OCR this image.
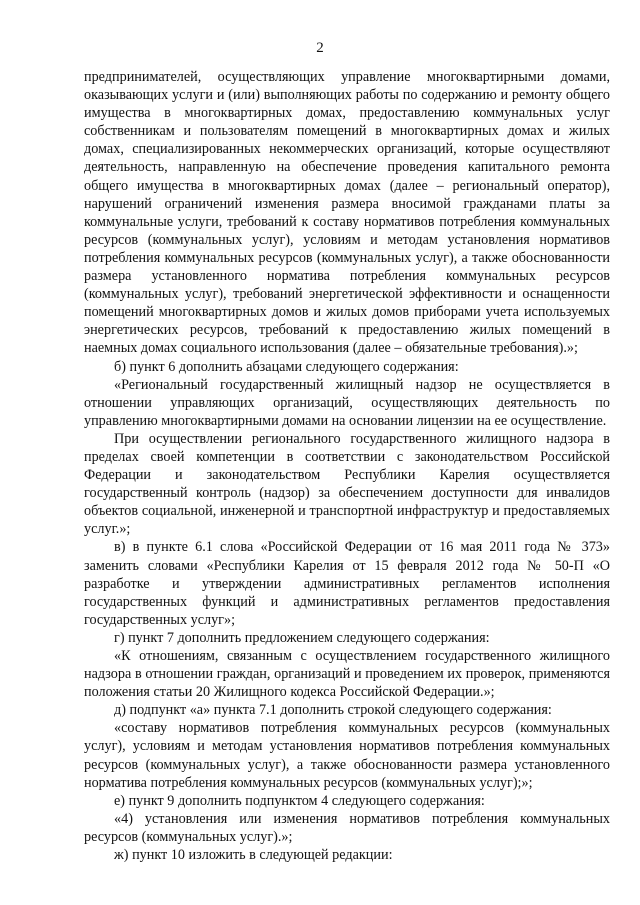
2

предпринимателей, осуществляющих управление многоквартирными домами, оказывающих услуги и (или) выполняющих работы по содержанию и ремонту общего имущества в многоквартирных домах, предоставлению коммунальных услуг собственникам и пользователям помещений в многоквартирных домах и жилых домах, специализированных некоммерческих организаций, которые осуществляют деятельность, направленную на обеспечение проведения капитального ремонта общего имущества в многоквартирных домах (далее – региональный оператор), нарушений ограничений изменения размера вносимой гражданами платы за коммунальные услуги, требований к составу нормативов потребления коммунальных ресурсов (коммунальных услуг), условиям и методам установления нормативов потребления коммунальных ресурсов (коммунальных услуг), а также обоснованности размера установленного норматива потребления коммунальных ресурсов (коммунальных услуг), требований энергетической эффективности и оснащенности помещений многоквартирных домов и жилых домов приборами учета используемых энергетических ресурсов, требований к предоставлению жилых помещений в наемных домах социального использования (далее – обязательные требования).»;

б) пункт 6 дополнить абзацами следующего содержания:

«Региональный государственный жилищный надзор не осуществляется в отношении управляющих организаций, осуществляющих деятельность по управлению многоквартирными домами на основании лицензии на ее осуществление.

При осуществлении регионального государственного жилищного надзора в пределах своей компетенции в соответствии с законодательством Российской Федерации и законодательством Республики Карелия осуществляется государственный контроль (надзор) за обеспечением доступности для инвалидов объектов социальной, инженерной и транспортной инфраструктур и предоставляемых услуг.»;

в) в пункте 6.1 слова «Российской Федерации от 16 мая 2011 года № 373» заменить словами «Республики Карелия от 15 февраля 2012 года № 50-П «О разработке и утверждении административных регламентов исполнения государственных функций и административных регламентов предоставления государственных услуг»;

г) пункт 7 дополнить предложением следующего содержания:

«К отношениям, связанным с осуществлением государственного жилищного надзора в отношении граждан, организаций и проведением их проверок, применяются положения статьи 20 Жилищного кодекса Российской Федерации.»;

д) подпункт «а» пункта 7.1 дополнить строкой следующего содержания:

«составу нормативов потребления коммунальных ресурсов (коммунальных услуг), условиям и методам установления нормативов потребления коммунальных ресурсов (коммунальных услуг), а также обоснованности размера установленного норматива потребления коммунальных ресурсов (коммунальных услуг);»;

е) пункт 9 дополнить подпунктом 4 следующего содержания:

«4) установления или изменения нормативов потребления коммунальных ресурсов (коммунальных услуг).»;

ж) пункт 10 изложить в следующей редакции:
